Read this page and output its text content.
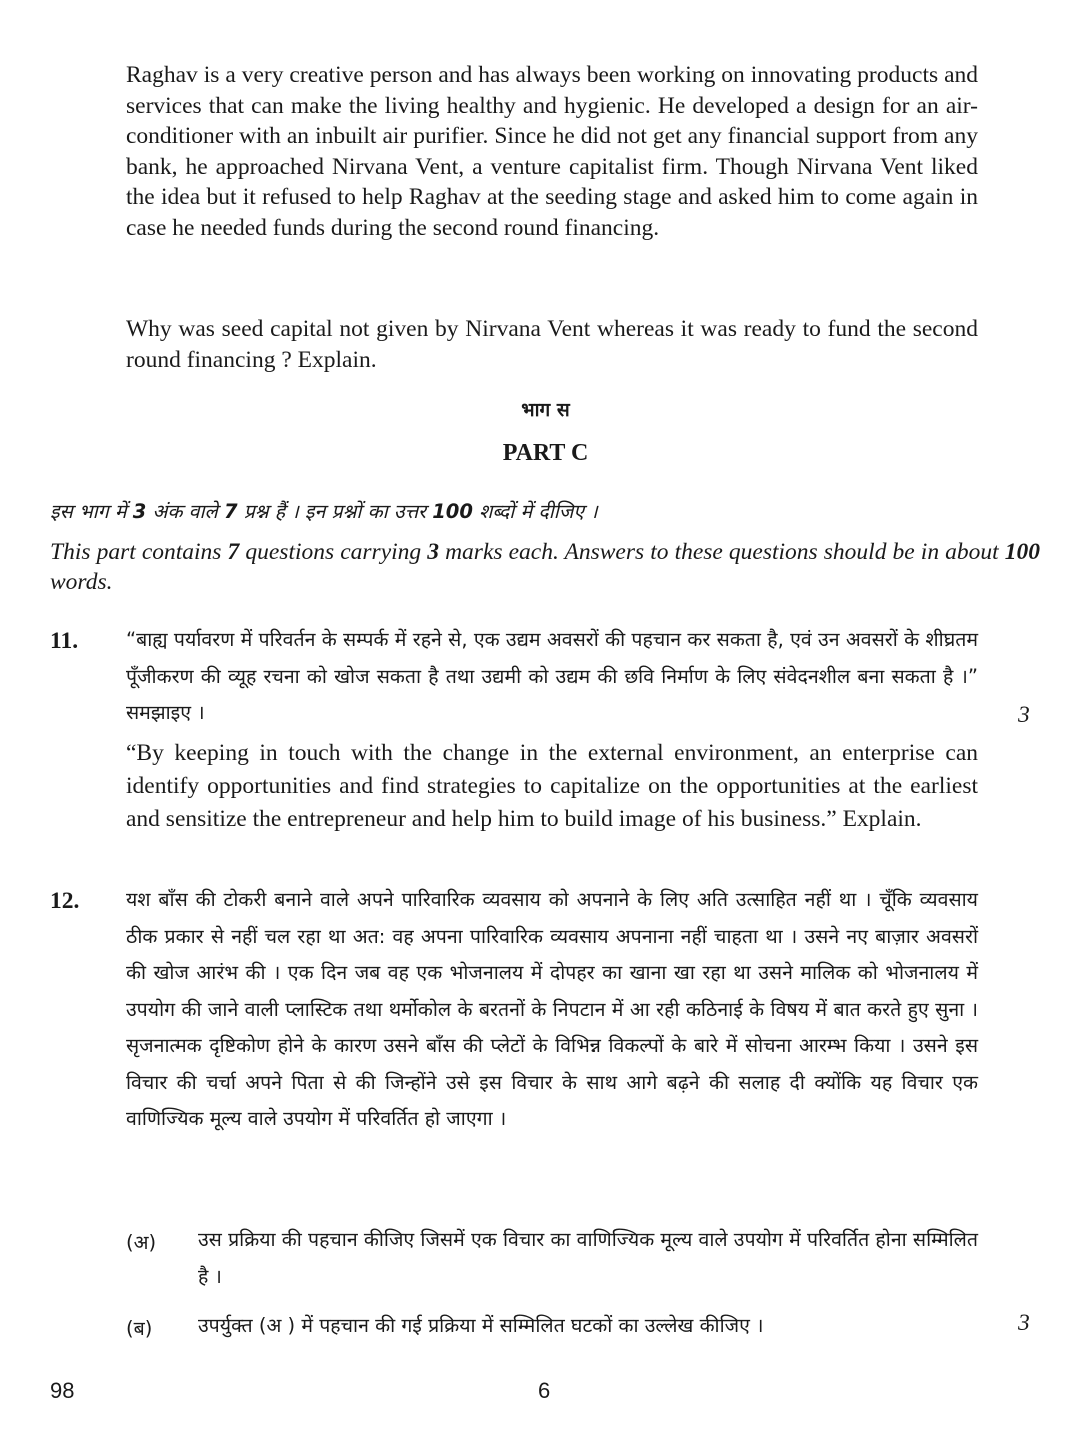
Raghav is a very creative person and has always been working on innovating products and services that can make the living healthy and hygienic. He developed a design for an air-conditioner with an inbuilt air purifier. Since he did not get any financial support from any bank, he approached Nirvana Vent, a venture capitalist firm. Though Nirvana Vent liked the idea but it refused to help Raghav at the seeding stage and asked him to come again in case he needed funds during the second round financing.

Why was seed capital not given by Nirvana Vent whereas it was ready to fund the second round financing ? Explain.

भाग स

PART C

इस भाग में 3 अंक वाले 7 प्रश्न हैं । इन प्रश्नों का उत्तर 100 शब्दों में दीजिए ।

This part contains 7 questions carrying 3 marks each. Answers to these questions should be in about 100 words.

11. “बाह्य पर्यावरण में परिवर्तन के सम्पर्क में रहने से, एक उद्यम अवसरों की पहचान कर सकता है, एवं उन अवसरों के शीघ्रतम पूँजीकरण की व्यूह रचना को खोज सकता है तथा उद्यमी को उद्यम की छवि निर्माण के लिए संवेदनशील बना सकता है ।” समझाइए ।	3

“By keeping in touch with the change in the external environment, an enterprise can identify opportunities and find strategies to capitalize on the opportunities at the earliest and sensitize the entrepreneur and help him to build image of his business.” Explain.

12. यश बाँस की टोकरी बनाने वाले अपने पारिवारिक व्यवसाय को अपनाने के लिए अति उत्साहित नहीं था । चूँकि व्यवसाय ठीक प्रकार से नहीं चल रहा था अत: वह अपना पारिवारिक व्यवसाय अपनाना नहीं चाहता था । उसने नए बाज़ार अवसरों की खोज आरंभ की । एक दिन जब वह एक भोजनालय में दोपहर का खाना खा रहा था उसने मालिक को भोजनालय में उपयोग की जाने वाली प्लास्टिक तथा थर्मोकोल के बरतनों के निपटान में आ रही कठिनाई के विषय में बात करते हुए सुना । सृजनात्मक दृष्टिकोण होने के कारण उसने बाँस की प्लेटों के विभिन्न विकल्पों के बारे में सोचना आरम्भ किया । उसने इस विचार की चर्चा अपने पिता से की जिन्होंने उसे इस विचार के साथ आगे बढ़ने की सलाह दी क्योंकि यह विचार एक वाणिज्यिक मूल्य वाले उपयोग में परिवर्तित हो जाएगा ।

(अ) उस प्रक्रिया की पहचान कीजिए जिसमें एक विचार का वाणिज्यिक मूल्य वाले उपयोग में परिवर्तित होना सम्मिलित है ।

(ब) उपर्युक्त (अ ) में पहचान की गई प्रक्रिया में सम्मिलित घटकों का उल्लेख कीजिए ।	3

98	6
